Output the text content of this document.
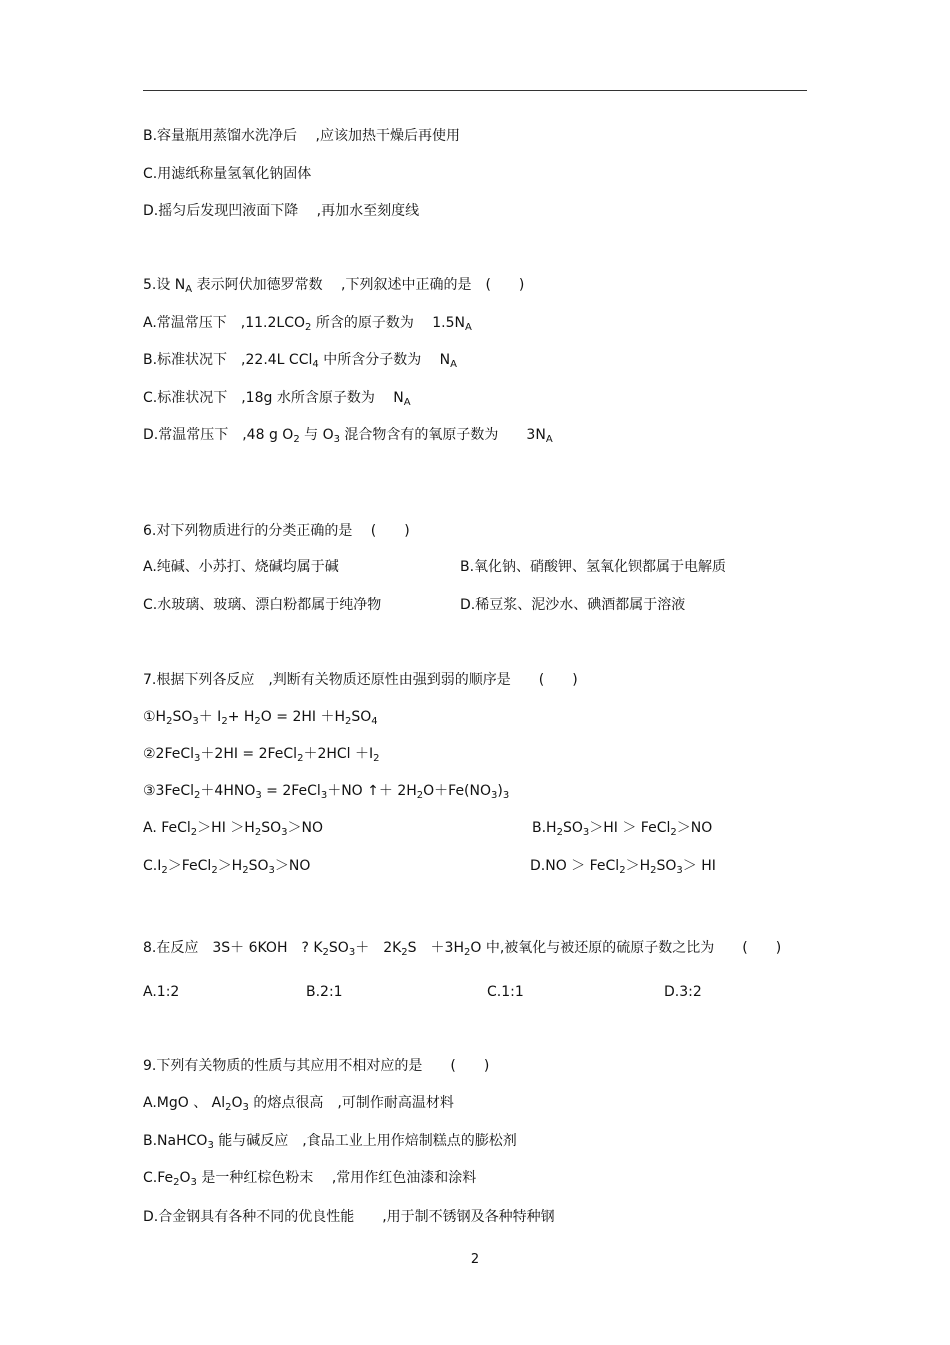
B.容量瓶用蒸馏水洗净后　 ,应该加热干燥后再使用
C.用滤纸称量氢氧化钠固体
D.摇匀后发现凹液面下降　 ,再加水至刻度线
5.设 $N_A$ 表示阿伏加德罗常数　 ,下列叙述中正确的是　(　　)
A.常温常压下　$,11.2LCO_2$ 所含的原子数为　 $1.5N_A$
B.标准状况下　,22.4L CCl$_4$ 中所含分子数为　 $N_A$
C.标准状况下　,18g 水所含原子数为　 $N_A$
D.常温常压下　,48 g $O_2$ 与 $O_3$ 混合物含有的氧原子数为　　$3N_A$
6.对下列物质进行的分类正确的是　 (　　)
A.纯碱、小苏打、烧碱均属于碱	B.氧化钠、硝酸钾、氢氧化钡都属于电解质
C.水玻璃、玻璃、漂白粉都属于纯净物	D.稀豆浆、泥沙水、碘酒都属于溶液
7.根据下列各反应　,判断有关物质还原性由强到弱的顺序是　　(　　)
$①H_2SO_3+ I_2+ H_2O = 2HI +H_2SO_4$
②2FeCl$_3$＋2HI = 2FeCl$_2$＋2HCl $+I_2$
$③3FeCl_2+4HNO_3$ = 2FeCl$_3$＋NO ↑＋ $2H_2O+Fe(NO_3)_3$
A. FeCl$_2$＞HI $>H_2SO_3>NO$	$B.H_2SO_3>HI$ ＞ FeCl$_2$＞NO
$C.I_2>FeCl_2>H_2SO_3>NO$	$D.NO > FeCl_2>H_2SO_3>$ HI
8.在反应　3S＋ 6KOH　? $K_2SO_3+$　$2K_2S$　$+3H_2O$ 中,被氧化与被还原的硫原子数之比为　　(　　)
A.1:2	B.2:1	C.1:1	D.3:2
9.下列有关物质的性质与其应用不相对应的是　　(　　)
A.MgO 、 $Al_2O_3$ 的熔点很高　,可制作耐高温材料
B.NaHCO$_3$ 能与碱反应　,食品工业上用作焙制糕点的膨松剂
$C.Fe_2O_3$ 是一种红棕色粉末　 ,常用作红色油漆和涂料
D.合金钢具有各种不同的优良性能　　,用于制不锈钢及各种特种钢
2
